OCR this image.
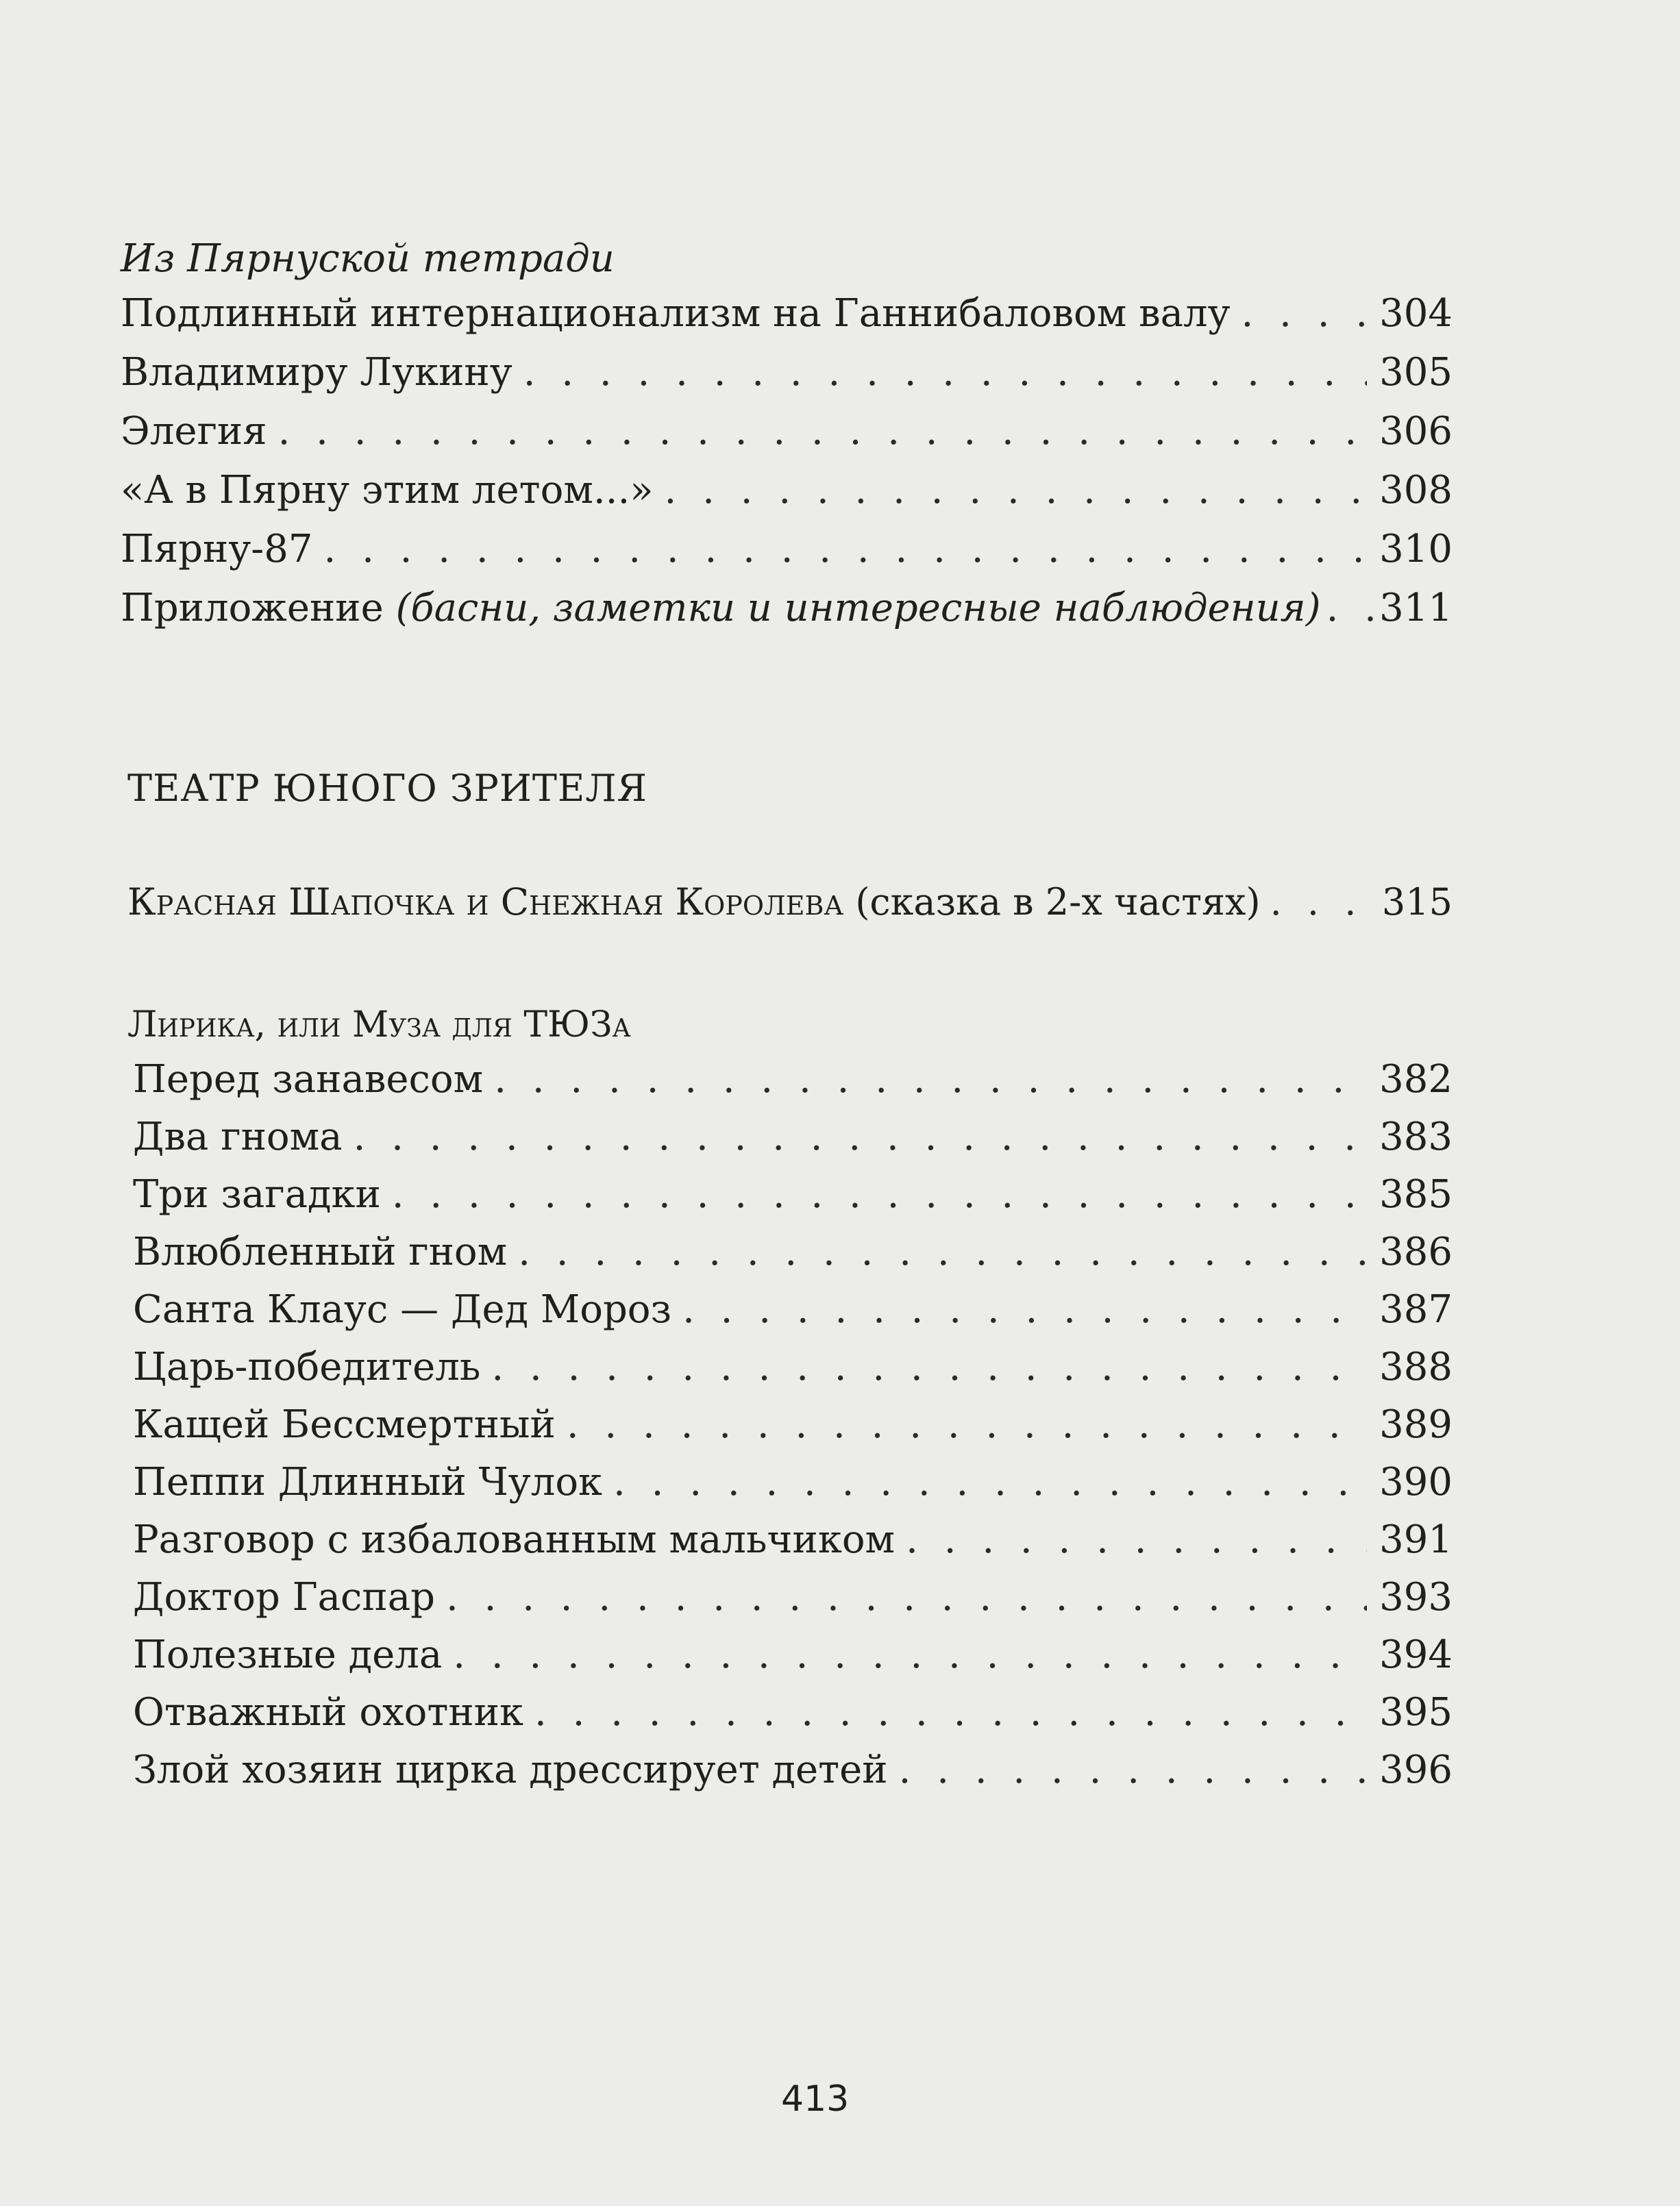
Из Пярнуской тетради
Подлинный интернационализм на Ганнибаловом валу . . .	304
Владимиру Лукину . . .	305
Элегия . . .	306
«А в Пярну этим летом...» . . .	308
Пярну-87 . . .	310
Приложение (басни, заметки и интересные наблюдения) . . . 311
ТЕАТР ЮНОГО ЗРИТЕЛЯ
Красная Шапочка и Снежная Королева (сказка в 2-х частях) . . .	315
Лирика, или Муза для ТЮЗа
Перед занавесом . . .	382
Два гнома . . .	383
Три загадки . . .	385
Влюбленный гном . . .	386
Санта Клаус — Дед Мороз . . .	387
Царь-победитель . . .	388
Кащей Бессмертный . . .	389
Пеппи Длинный Чулок . . .	390
Разговор с избалованным мальчиком . . .	391
Доктор Гаспар . . .	393
Полезные дела . . .	394
Отважный охотник . . .	395
Злой хозяин цирка дрессирует детей . . .	396
413
